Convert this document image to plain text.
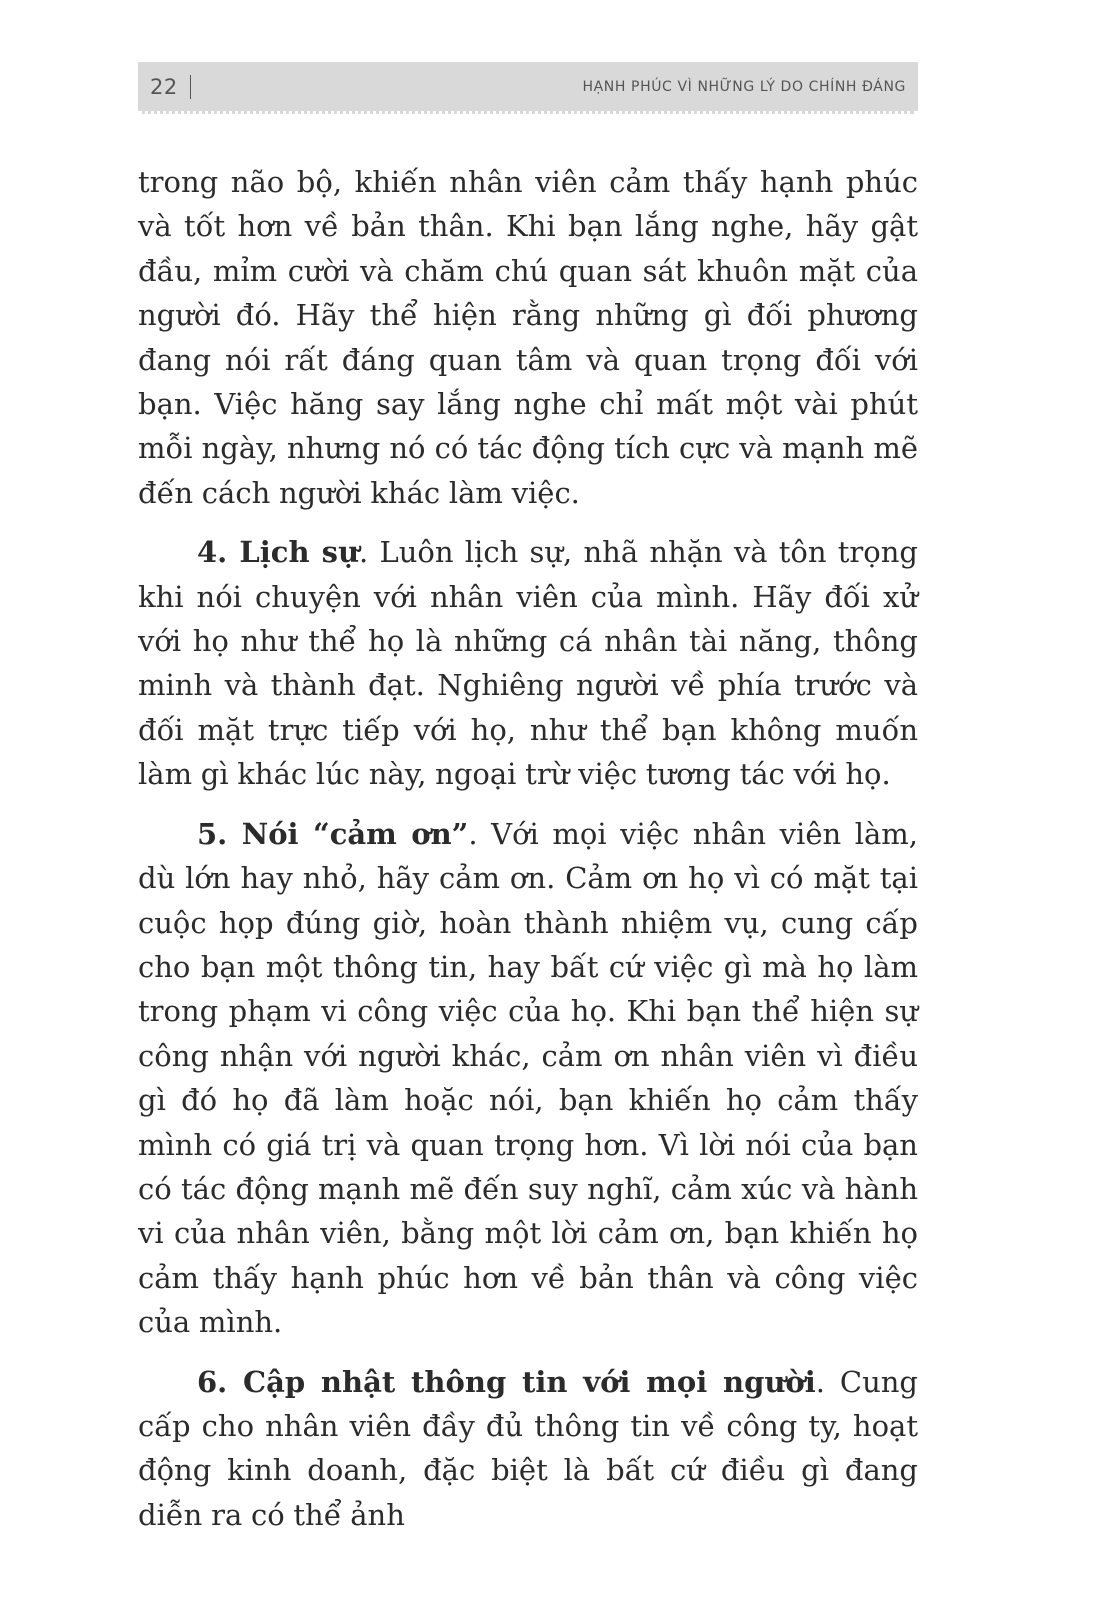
22	HẠNH PHÚC VÌ NHỮNG LÝ DO CHÍNH ĐÁNG

trong não bộ, khiến nhân viên cảm thấy hạnh phúc và tốt hơn về bản thân. Khi bạn lắng nghe, hãy gật đầu, mỉm cười và chăm chú quan sát khuôn mặt của người đó. Hãy thể hiện rằng những gì đối phương đang nói rất đáng quan tâm và quan trọng đối với bạn. Việc hăng say lắng nghe chỉ mất một vài phút mỗi ngày, nhưng nó có tác động tích cực và mạnh mẽ đến cách người khác làm việc.

4. Lịch sự. Luôn lịch sự, nhã nhặn và tôn trọng khi nói chuyện với nhân viên của mình. Hãy đối xử với họ như thể họ là những cá nhân tài năng, thông minh và thành đạt. Nghiêng người về phía trước và đối mặt trực tiếp với họ, như thể bạn không muốn làm gì khác lúc này, ngoại trừ việc tương tác với họ.

5. Nói “cảm ơn”. Với mọi việc nhân viên làm, dù lớn hay nhỏ, hãy cảm ơn. Cảm ơn họ vì có mặt tại cuộc họp đúng giờ, hoàn thành nhiệm vụ, cung cấp cho bạn một thông tin, hay bất cứ việc gì mà họ làm trong phạm vi công việc của họ. Khi bạn thể hiện sự công nhận với người khác, cảm ơn nhân viên vì điều gì đó họ đã làm hoặc nói, bạn khiến họ cảm thấy mình có giá trị và quan trọng hơn. Vì lời nói của bạn có tác động mạnh mẽ đến suy nghĩ, cảm xúc và hành vi của nhân viên, bằng một lời cảm ơn, bạn khiến họ cảm thấy hạnh phúc hơn về bản thân và công việc của mình.

6. Cập nhật thông tin với mọi người. Cung cấp cho nhân viên đầy đủ thông tin về công ty, hoạt động kinh doanh, đặc biệt là bất cứ điều gì đang diễn ra có thể ảnh
